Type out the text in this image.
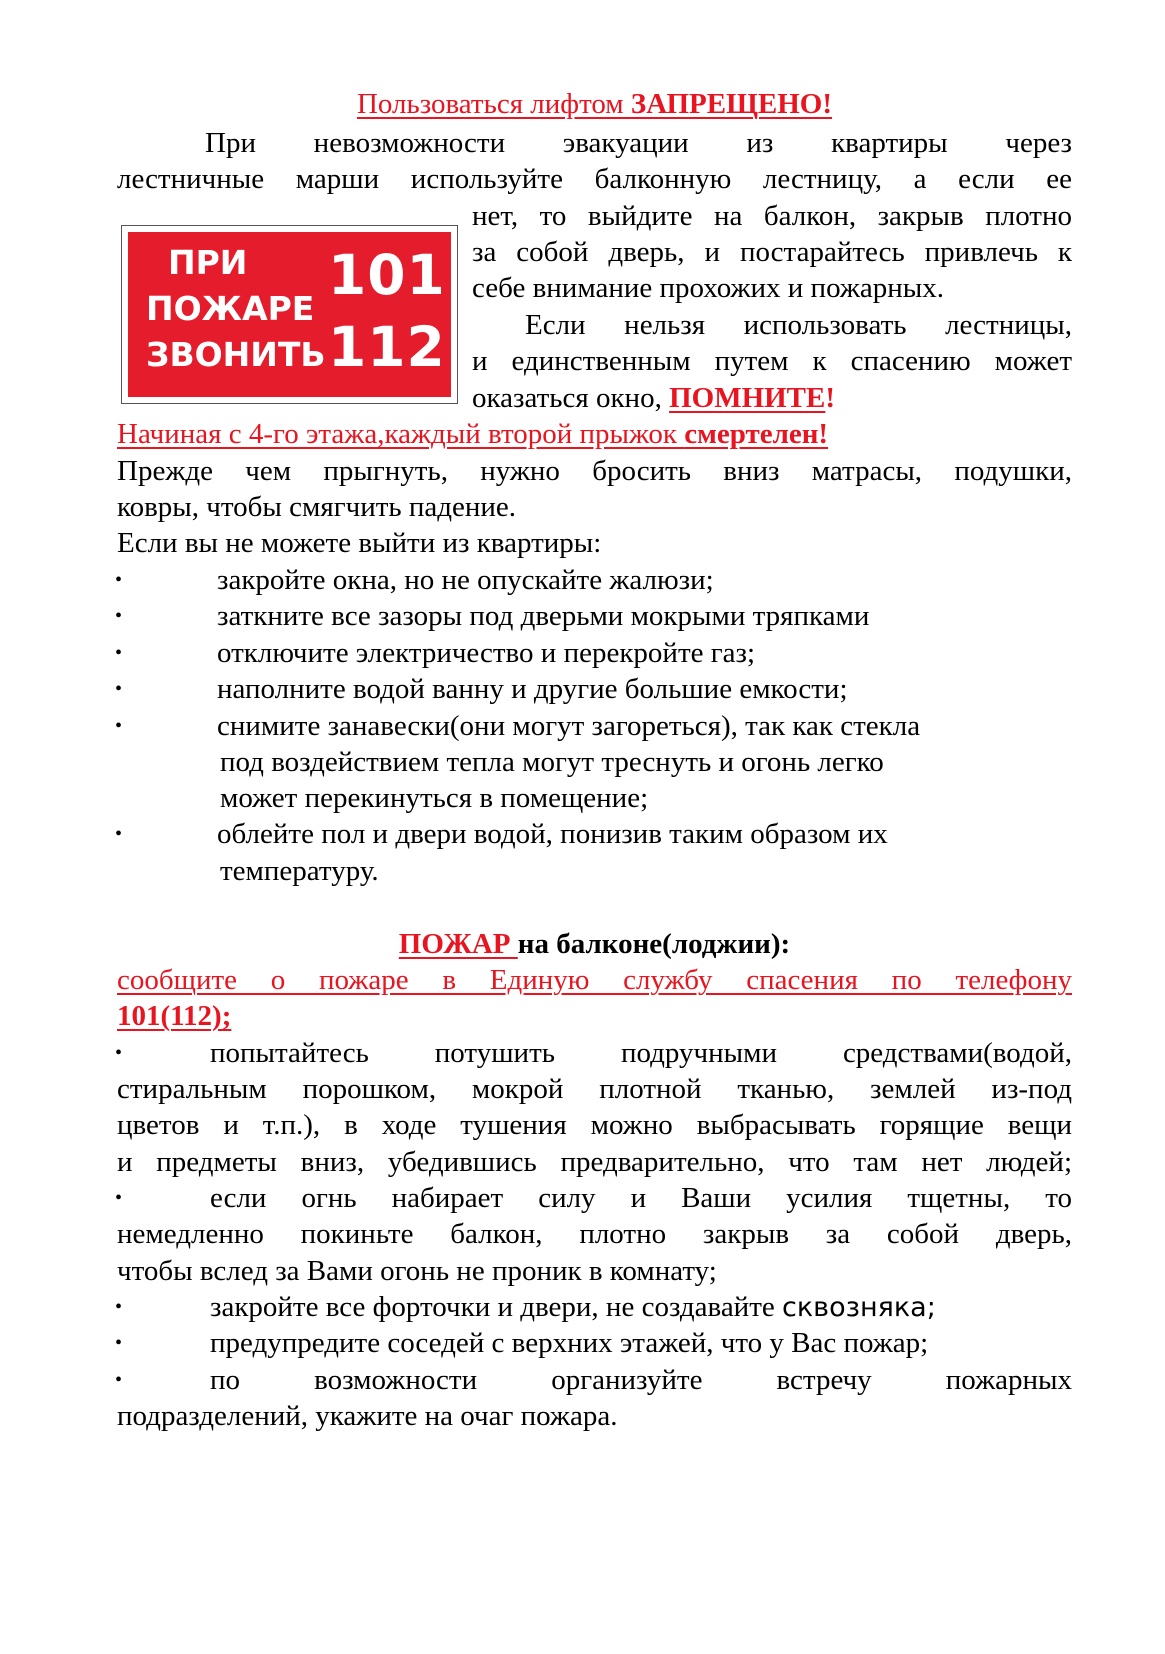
Пользоваться лифтом ЗАПРЕЩЕНО!
При невозможности эвакуации из квартиры через
лестничные марши используйте балконную лестницу, а если ее
ПРИ
ПОЖАРЕ
ЗВОНИТЬ
101
112
нет, то выйдите на балкон, закрыв плотно
за собой дверь, и постарайтесь привлечь к
себе внимание прохожих и пожарных.
Если нельзя использовать лестницы,
и единственным путем к спасению может
оказаться окно, ПОМНИТЕ!
Начиная с 4-го этажа,каждый второй прыжок смертелен!
Прежде чем прыгнуть, нужно бросить вниз матрасы, подушки,
ковры, чтобы смягчить падение.
Если вы не можете выйти из квартиры:
•	закройте окна, но не опускайте жалюзи;
•	заткните все зазоры под дверьми мокрыми тряпками
•	отключите электричество и перекройте газ;
•	наполните водой ванну и другие большие емкости;
•	снимите занавески(они могут загореться), так как стекла
под воздействием тепла могут треснуть и огонь легко
может перекинуться в помещение;
•	облейте пол и двери водой, понизив таким образом их
температуру.
ПОЖАР на балконе(лоджии):
сообщите о пожаре в Единую службу спасения по телефону
101(112);
•	попытайтесь потушить подручными средствами(водой,
стиральным порошком, мокрой плотной тканью, землей из-под
цветов и т.п.), в ходе тушения можно выбрасывать горящие вещи
и предметы вниз, убедившись предварительно, что там нет людей;
•	если огнь набирает силу и Ваши усилия тщетны, то
немедленно покиньте балкон, плотно закрыв за собой дверь,
чтобы вслед за Вами огонь не проник в комнату;
•	закройте все форточки и двери, не создавайте сквозняка;
•	предупредите соседей с верхних этажей, что у Вас пожар;
•	по возможности организуйте встречу пожарных
подразделений, укажите на очаг пожара.
